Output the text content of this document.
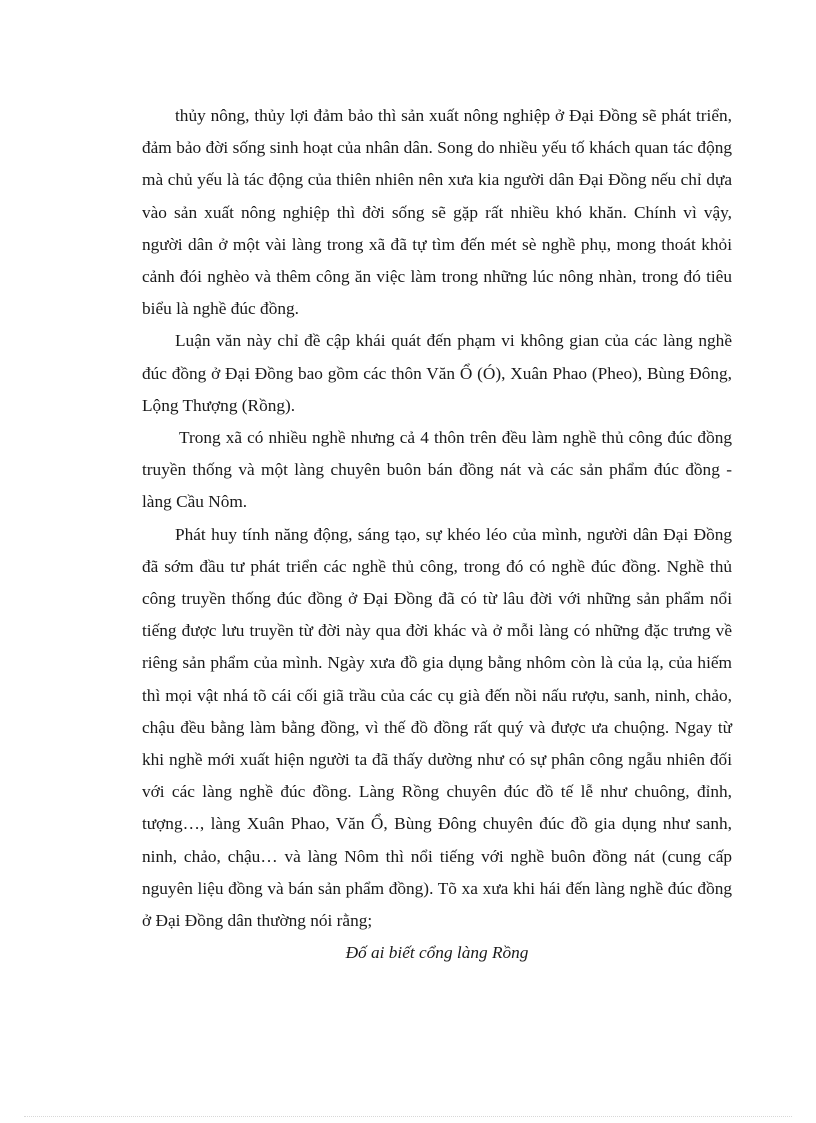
thủy nông, thủy lợi đảm bảo thì sản xuất nông nghiệp ở Đại Đồng sẽ phát triển, đảm bảo đời sống sinh hoạt của nhân dân. Song do nhiều yếu tố khách quan tác động mà chủ yếu là tác động của thiên nhiên nên xưa kia người dân Đại Đồng nếu chỉ dựa vào sản xuất nông nghiệp thì đời sống sẽ gặp rất nhiều khó khăn. Chính vì vậy, người dân ở một vài làng trong xã đã tự tìm đến mét sè nghề phụ, mong thoát khỏi cảnh đói nghèo và thêm công ăn việc làm trong những lúc nông nhàn, trong đó tiêu biểu là nghề đúc đồng.

Luận văn này chỉ đề cập khái quát đến phạm vi không gian của các làng nghề đúc đồng ở Đại Đồng bao gồm các thôn Văn Ổ (Ó), Xuân Phao (Pheo), Bùng Đông, Lộng Thượng (Rồng).

Trong xã có nhiều nghề nhưng cả 4 thôn trên đều làm nghề thủ công đúc đồng truyền thống và một làng chuyên buôn bán đồng nát và các sản phẩm đúc đồng - làng Cầu Nôm.

Phát huy tính năng động, sáng tạo, sự khéo léo của mình, người dân Đại Đồng đã sớm đầu tư phát triển các nghề thủ công, trong đó có nghề đúc đồng. Nghề thủ công truyền thống đúc đồng ở Đại Đồng đã có từ lâu đời với những sản phẩm nổi tiếng được lưu truyền từ đời này qua đời khác và ở mỗi làng có những đặc trưng về riêng sản phẩm của mình. Ngày xưa đồ gia dụng bằng nhôm còn là của lạ, của hiếm thì mọi vật nhá tõ cái cối giã trầu của các cụ già đến nồi nấu rượu, sanh, ninh, chảo, chậu đều bằng làm bằng đồng, vì thế đồ đồng rất quý và được ưa chuộng. Ngay từ khi nghề mới xuất hiện người ta đã thấy dường như có sự phân công ngẫu nhiên đối với các làng nghề đúc đồng. Làng Rồng chuyên đúc đồ tế lễ như chuông, đỉnh, tượng…, làng Xuân Phao, Văn Ổ, Bùng Đông chuyên đúc đồ gia dụng như sanh, ninh, chảo, chậu… và làng Nôm thì nổi tiếng với nghề buôn đồng nát (cung cấp nguyên liệu đồng và bán sản phẩm đồng). Tõ xa xưa khi hái đến làng nghề đúc đồng ở Đại Đồng dân thường nói rằng;

Đố ai biết cổng làng Rồng
